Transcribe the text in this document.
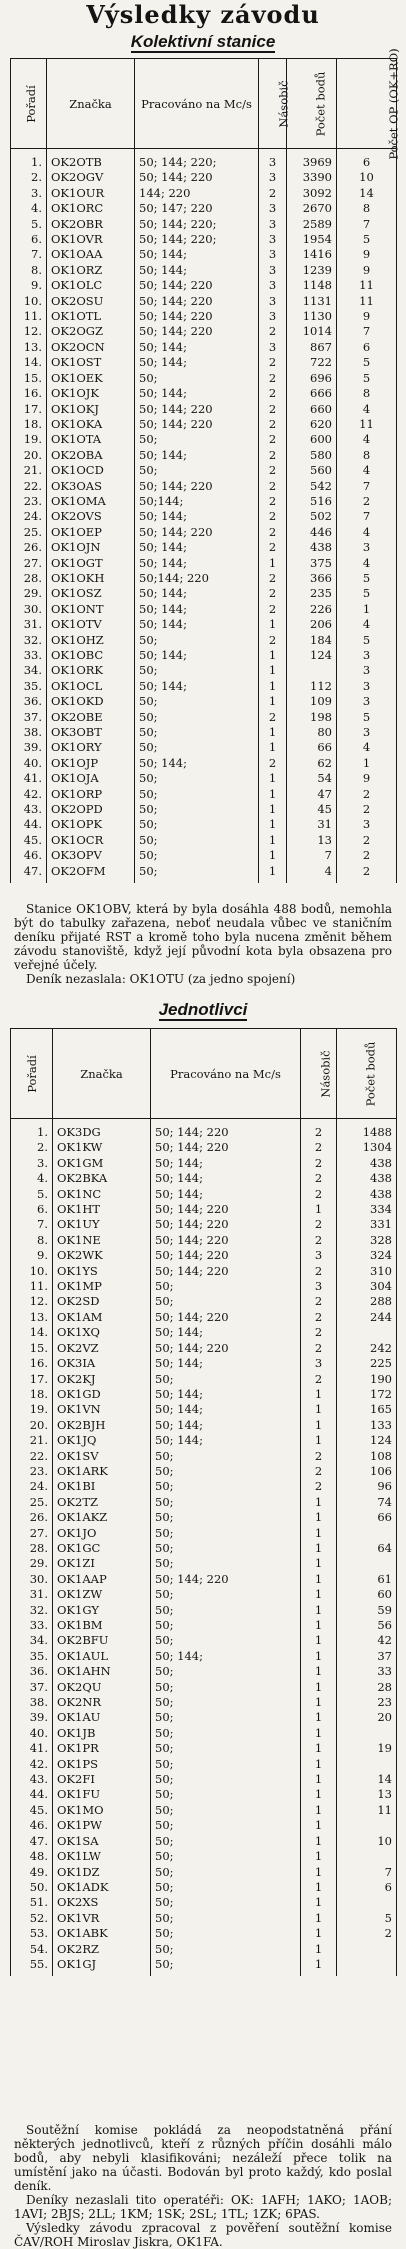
Výsledky závodu
Kolektivní stanice
Pořadí	Značka	Pracováno na Mc/s	Násobič	Počet bodů	Počet OP (OK+RO)
1.	OK2OTB	50; 144; 220;	3	3969	6
2.	OK2OGV	50; 144; 220	3	3390	10
3.	OK1OUR	144; 220	2	3092	14
4.	OK1ORC	50; 147; 220	3	2670	8
5.	OK2OBR	50; 144; 220;	3	2589	7
6.	OK1OVR	50; 144; 220;	3	1954	5
7.	OK1OAA	50; 144;	3	1416	9
8.	OK1ORZ	50; 144;	3	1239	9
9.	OK1OLC	50; 144; 220	3	1148	11
10.	OK2OSU	50; 144; 220	3	1131	11
11.	OK1OTL	50; 144; 220	3	1130	9
12.	OK2OGZ	50; 144; 220	2	1014	7
13.	OK2OCN	50; 144;	3	867	6
14.	OK1OST	50; 144;	2	722	5
15.	OK1OEK	50;	2	696	5
16.	OK1OJK	50; 144;	2	666	8
17.	OK1OKJ	50; 144; 220	2	660	4
18.	OK1OKA	50; 144; 220	2	620	11
19.	OK1OTA	50;	2	600	4
20.	OK2OBA	50; 144;	2	580	8
21.	OK1OCD	50;	2	560	4
22.	OK3OAS	50; 144; 220	2	542	7
23.	OK1OMA	50;144;	2	516	2
24.	OK2OVS	50; 144;	2	502	7
25.	OK1OEP	50; 144; 220	2	446	4
26.	OK1OJN	50; 144;	2	438	3
27.	OK1OGT	50; 144;	1	375	4
28.	OK1OKH	50;144; 220	2	366	5
29.	OK1OSZ	50; 144;	2	235	5
30.	OK1ONT	50; 144;	2	226	1
31.	OK1OTV	50; 144;	1	206	4
32.	OK1OHZ	50;	2	184	5
33.	OK1OBC	50; 144;	1	124	3
34.	OK1ORK	50;	1		3
35.	OK1OCL	50; 144;	1	112	3
36.	OK1OKD	50;	1	109	3
37.	OK2OBE	50;	2	198	5
38.	OK3OBT	50;	1	80	3
39.	OK1ORY	50;	1	66	4
40.	OK1OJP	50; 144;	2	62	1
41.	OK1OJA	50;	1	54	9
42.	OK1ORP	50;	1	47	2
43.	OK2OPD	50;	1	45	2
44.	OK1OPK	50;	1	31	3
45.	OK1OCR	50;	1	13	2
46.	OK3OPV	50;	1	7	2
47.	OK2OFM	50;	1	4	2

Stanice OK1OBV, která by byla dosáhla 488 bodů, nemohla být do tabulky zařazena, neboť neudala vůbec ve staničním deníku přijaté RST a kromě toho byla nucena změnit během závodu stanoviště, když její původní kota byla obsazena pro veřejné účely.

Deník nezaslala: OK1OTU (za jedno spojení)

Jednotlivci
Pořadí	Značka	Pracováno na Mc/s	Násobič	Počet bodů
1.	OK3DG	50; 144; 220	2	1488
2.	OK1KW	50; 144; 220	2	1304
3.	OK1GM	50; 144;	2	438
4.	OK2BKA	50; 144;	2	438
5.	OK1NC	50; 144;	2	438
6.	OK1HT	50; 144; 220	1	334
7.	OK1UY	50; 144; 220	2	331
8.	OK1NE	50; 144; 220	2	328
9.	OK2WK	50; 144; 220	3	324
10.	OK1YS	50; 144; 220	2	310
11.	OK1MP	50;	3	304
12.	OK2SD	50;	2	288
13.	OK1AM	50; 144; 220	2	244
14.	OK1XQ	50; 144;	2	
15.	OK2VZ	50; 144; 220	2	242
16.	OK3IA	50; 144;	3	225
17.	OK2KJ	50;	2	190
18.	OK1GD	50; 144;	1	172
19.	OK1VN	50; 144;	1	165
20.	OK2BJH	50; 144;	1	133
21.	OK1JQ	50; 144;	1	124
22.	OK1SV	50;	2	108
23.	OK1ARK	50;	2	106
24.	OK1BI	50;	2	96
25.	OK2TZ	50;	1	74
26.	OK1AKZ	50;	1	66
27.	OK1JO	50;	1	
28.	OK1GC	50;	1	64
29.	OK1ZI	50;	1	
30.	OK1AAP	50; 144; 220	1	61
31.	OK1ZW	50;	1	60
32.	OK1GY	50;	1	59
33.	OK1BM	50;	1	56
34.	OK2BFU	50;	1	42
35.	OK1AUL	50; 144;	1	37
36.	OK1AHN	50;	1	33
37.	OK2QU	50;	1	28
38.	OK2NR	50;	1	23
39.	OK1AU	50;	1	20
40.	OK1JB	50;	1	
41.	OK1PR	50;	1	19
42.	OK1PS	50;	1	
43.	OK2FI	50;	1	14
44.	OK1FU	50;	1	13
45.	OK1MO	50;	1	11
46.	OK1PW	50;	1	
47.	OK1SA	50;	1	10
48.	OK1LW	50;	1	
49.	OK1DZ	50;	1	7
50.	OK1ADK	50;	1	6
51.	OK2XS	50;	1	
52.	OK1VR	50;	1	5
53.	OK1ABK	50;	1	2
54.	OK2RZ	50;	1	
55.	OK1GJ	50;	1	

Soutěžní komise pokládá za neopodstatněná přání některých jednotlivců, kteří z různých příčin dosáhli málo bodů, aby nebyli klasifikováni; nezáleží přece tolik na umístění jako na účasti. Bodován byl proto každý, kdo poslal deník.

Deníky nezaslali tito operatéři: OK: 1AFH; 1AKO; 1AOB; 1AVI; 2BJS; 2LL; 1KM; 1SK; 2SL; 1TL; 1ZK; 6PAS.

Výsledky závodu zpracoval z pověření soutěžní komise ČAV/ROH Miroslav Jiskra, OK1FA.
